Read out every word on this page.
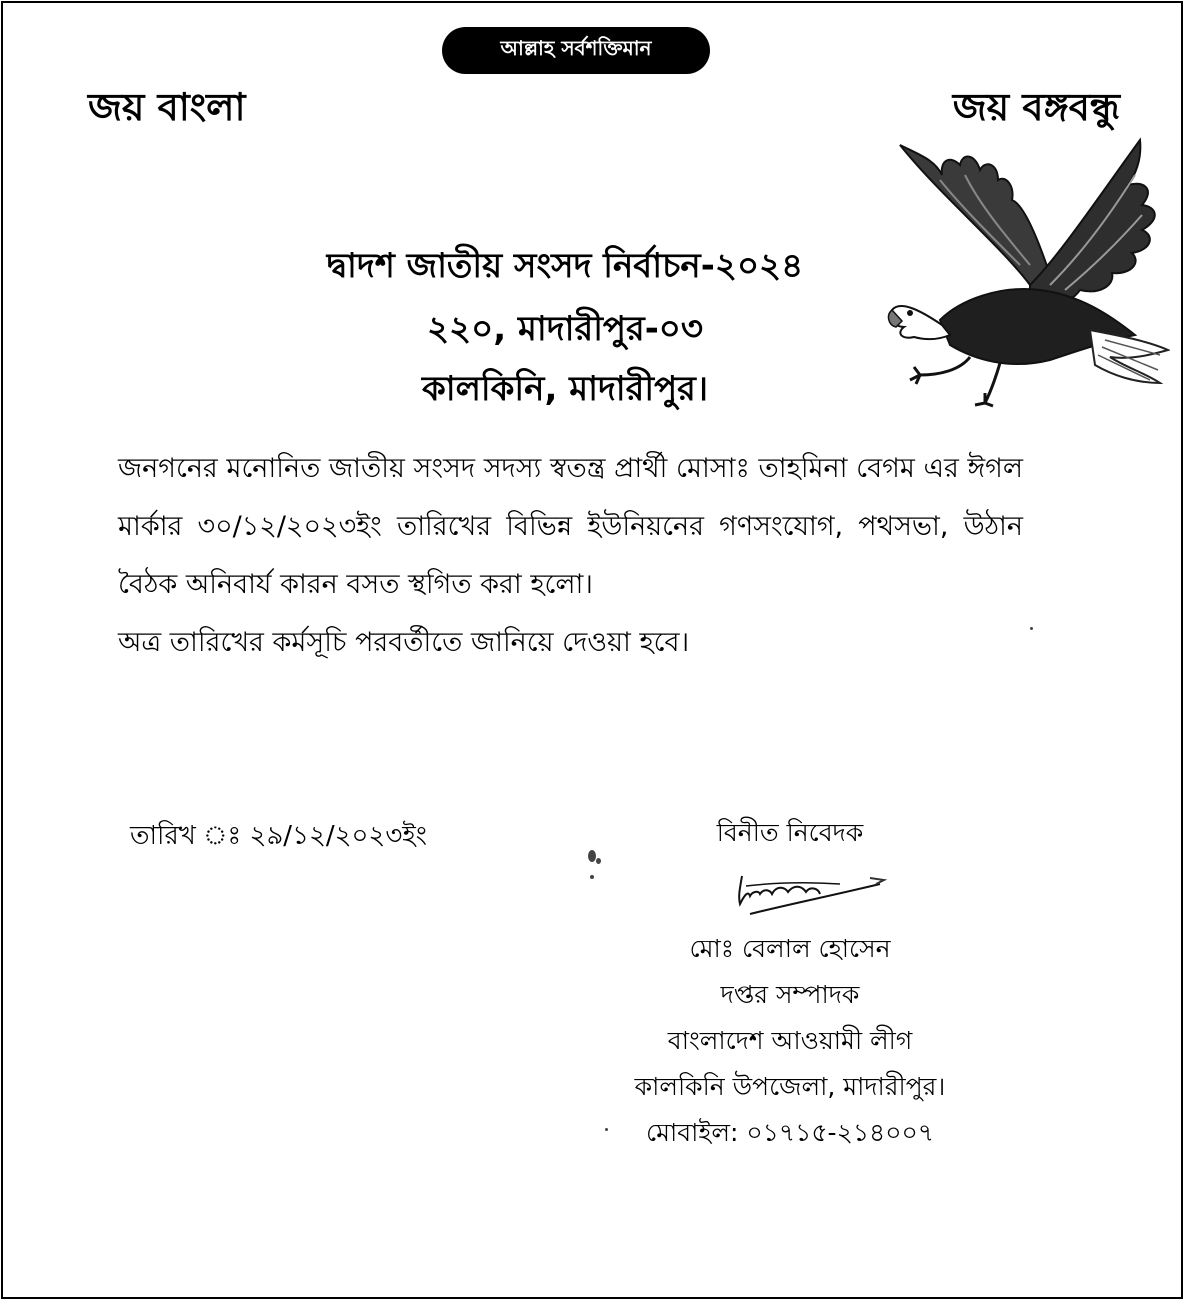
আল্লাহ সর্বশক্তিমান
জয় বাংলা	জয় বঙ্গবন্ধু
দ্বাদশ জাতীয় সংসদ নির্বাচন-২০২৪
২২০, মাদারীপুর-০৩
কালকিনি, মাদারীপুর।

জনগনের মনোনিত জাতীয় সংসদ সদস্য স্বতন্ত্র প্রার্থী মোসাঃ তাহমিনা বেগম এর ঈগল মার্কার ৩০/১২/২০২৩ইং তারিখের বিভিন্ন ইউনিয়নের গণসংযোগ, পথসভা, উঠান বৈঠক অনিবার্য কারন বসত স্থগিত করা হলো।

অত্র তারিখের কর্মসূচি পরবর্তীতে জানিয়ে দেওয়া হবে।

তারিখ ঃ ২৯/১২/২০২৩ইং	বিনীত নিবেদক
মোঃ বেলাল হোসেন
দপ্তর সম্পাদক
বাংলাদেশ আওয়ামী লীগ
কালকিনি উপজেলা, মাদারীপুর।
মোবাইল: ০১৭১৫-২১৪০০৭
